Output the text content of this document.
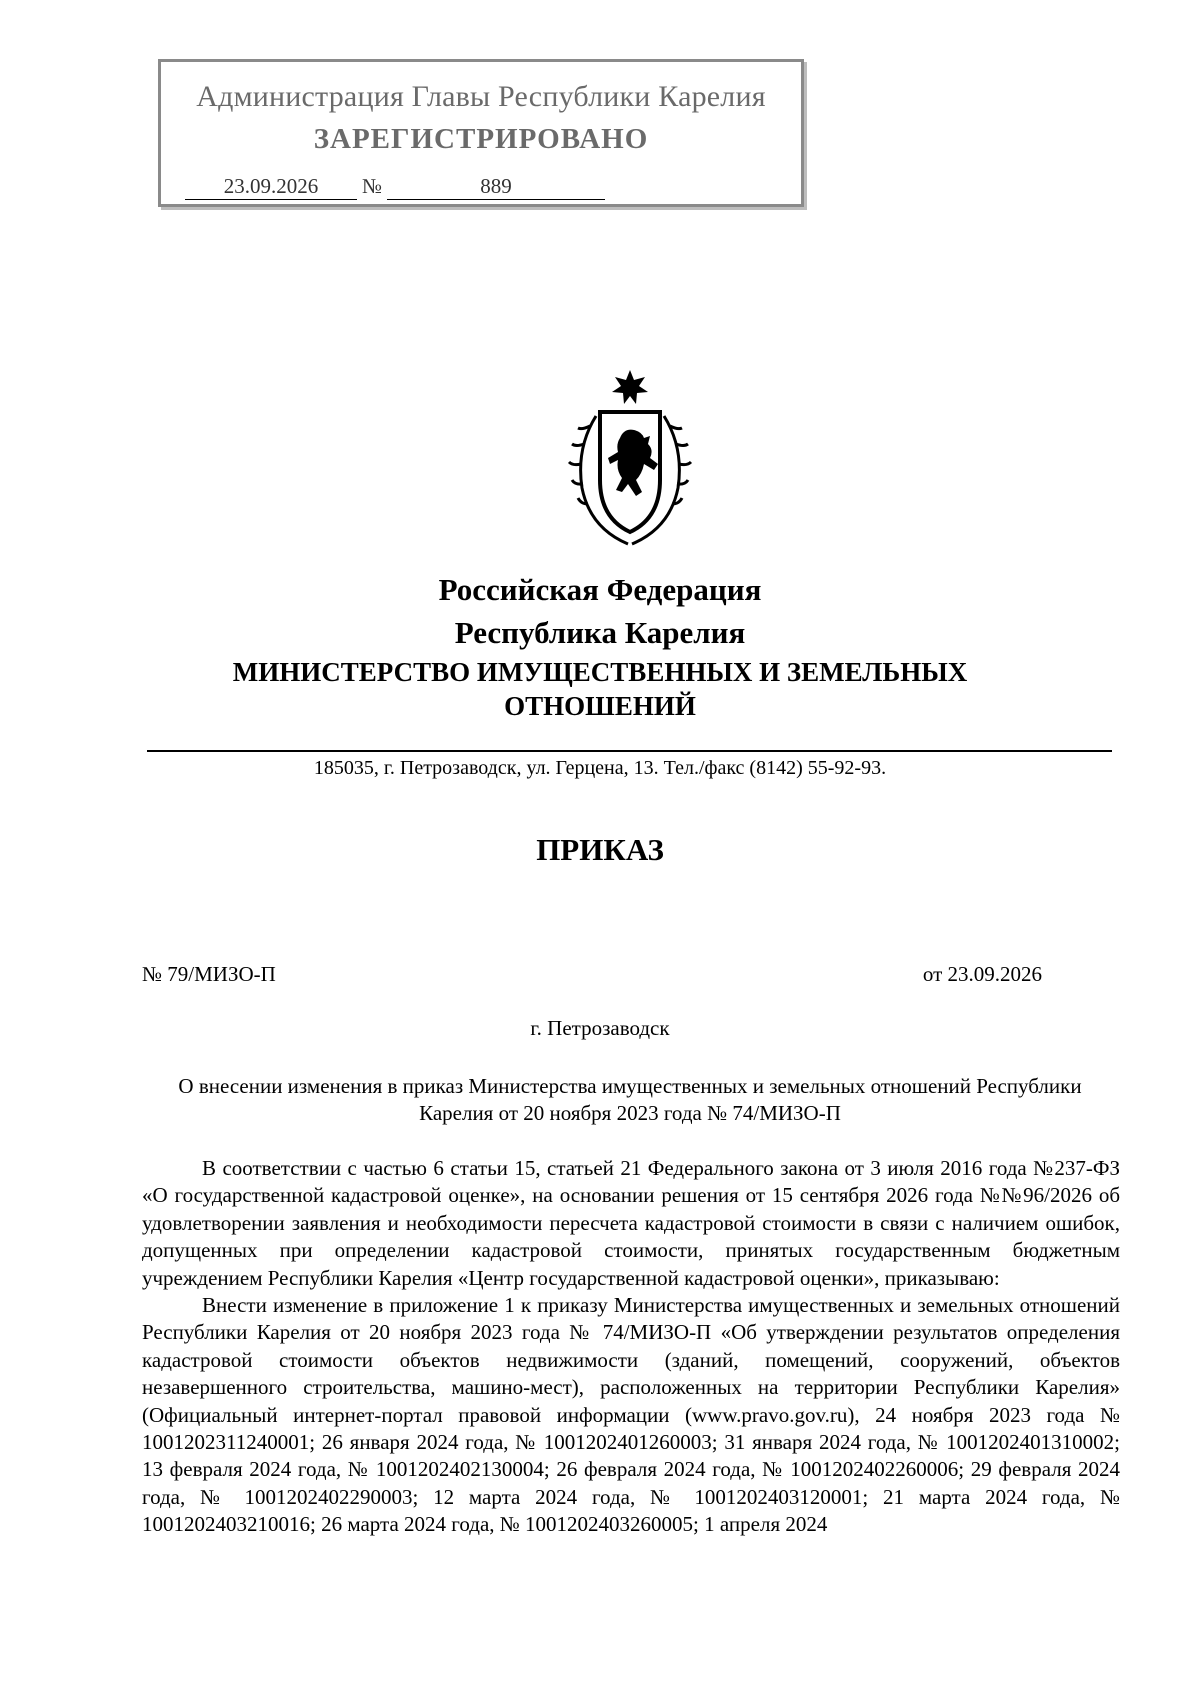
Администрация Главы Республики Карелия
ЗАРЕГИСТРИРОВАНО
23.09.2026	№	889
Российская Федерация
Республика Карелия
МИНИСТЕРСТВО ИМУЩЕСТВЕННЫХ И ЗЕМЕЛЬНЫХ
ОТНОШЕНИЙ
185035, г. Петрозаводск, ул. Герцена, 13. Тел./факс (8142) 55-92-93.
ПРИКАЗ
№ 79/МИЗО-П	от 23.09.2026
г. Петрозаводск
О внесении изменения в приказ Министерства имущественных и земельных отношений Республики Карелия от 20 ноября 2023 года № 74/МИЗО-П

В соответствии с частью 6 статьи 15, статьей 21 Федерального закона от 3 июля 2016 года №237-ФЗ «О государственной кадастровой оценке», на основании решения от 15 сентября 2026 года №№96/2026 об удовлетворении заявления и необходимости пересчета кадастровой стоимости в связи с наличием ошибок, допущенных при определении кадастровой стоимости, принятых государственным бюджетным учреждением Республики Карелия «Центр государственной кадастровой оценки», приказываю:

Внести изменение в приложение 1 к приказу Министерства имущественных и земельных отношений Республики Карелия от 20 ноября 2023 года № 74/МИЗО-П «Об утверждении результатов определения кадастровой стоимости объектов недвижимости (зданий, помещений, сооружений, объектов незавершенного строительства, машино-мест), расположенных на территории Республики Карелия» (Официальный интернет-портал правовой информации (www.pravo.gov.ru), 24 ноября 2023 года № 1001202311240001; 26 января 2024 года, № 1001202401260003; 31 января 2024 года, № 1001202401310002; 13 февраля 2024 года, № 1001202402130004; 26 февраля 2024 года, № 1001202402260006; 29 февраля 2024 года, № 1001202402290003; 12 марта 2024 года, № 1001202403120001; 21 марта 2024 года, № 1001202403210016; 26 марта 2024 года, № 1001202403260005; 1 апреля 2024
